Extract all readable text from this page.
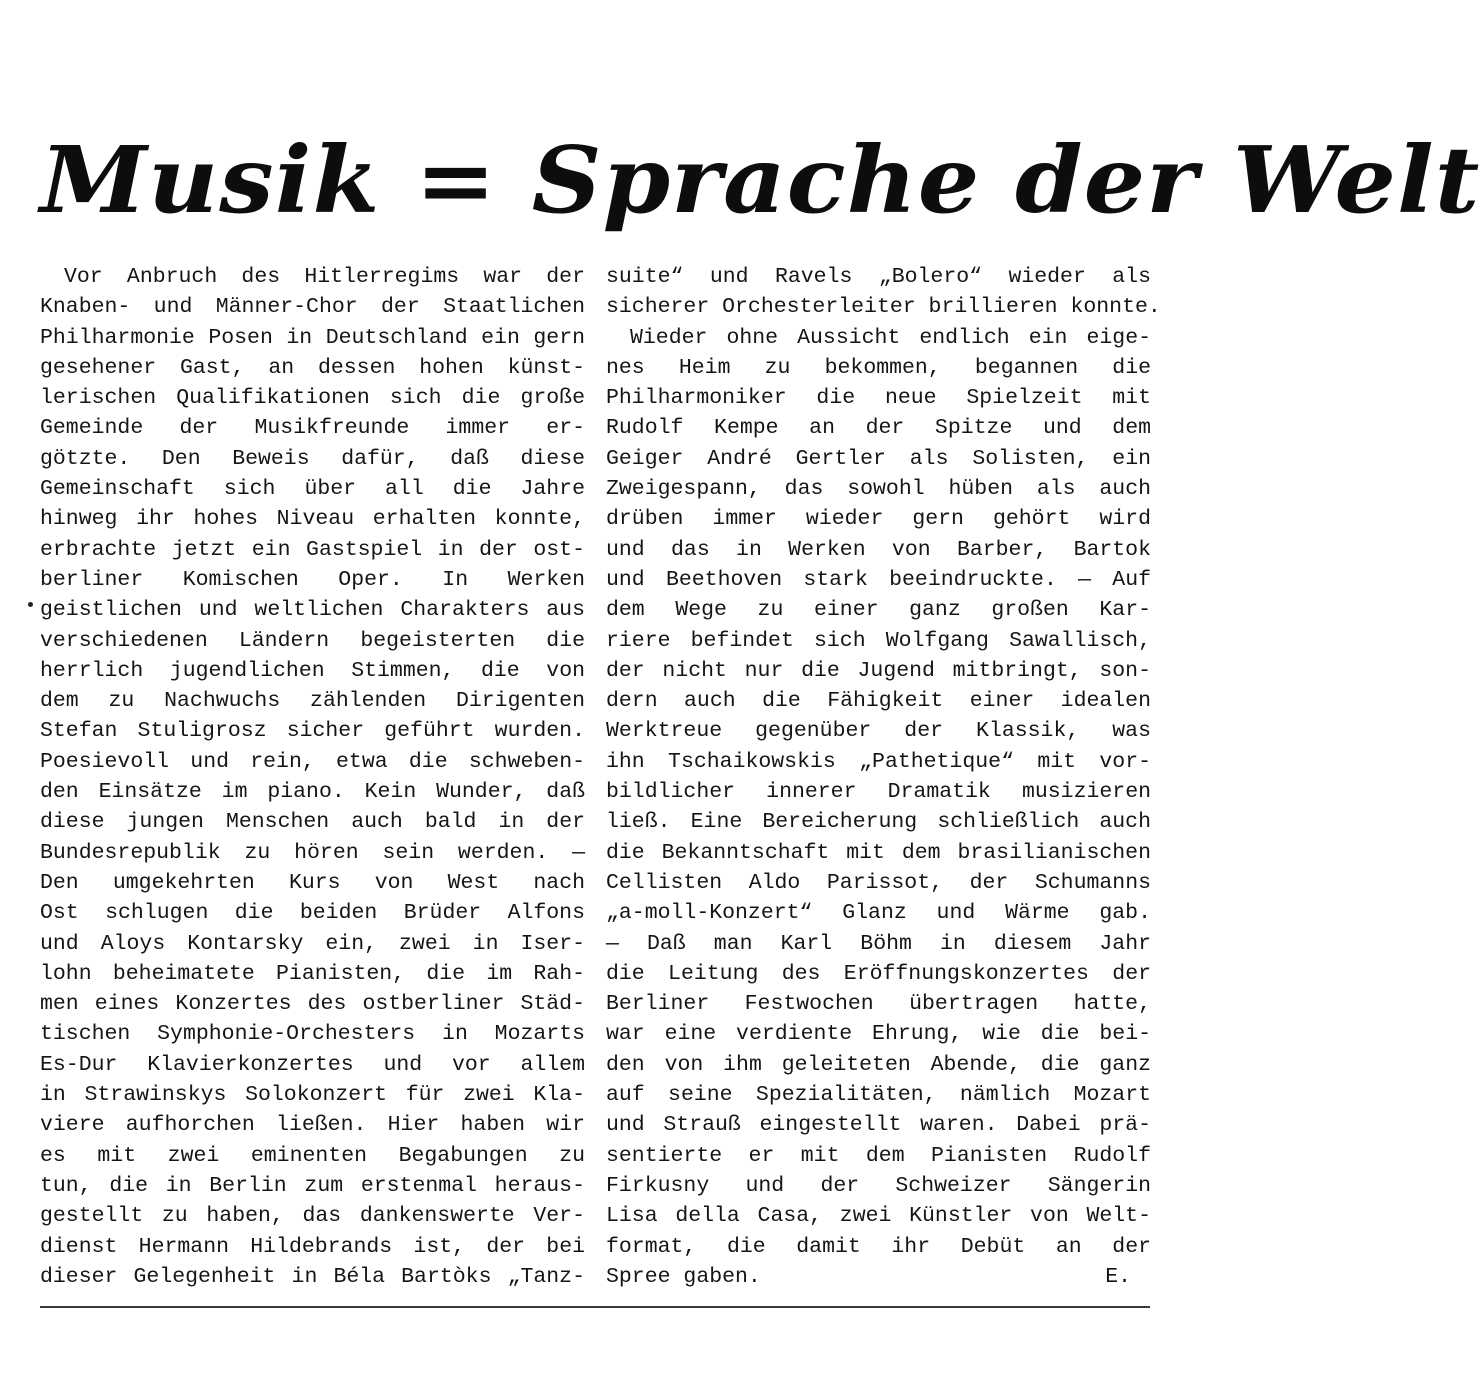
Musik = Sprache der Welt
Vor Anbruch des Hitlerregims war der
Knaben- und Männer-Chor der Staatlichen
Philharmonie Posen in Deutschland ein gern
gesehener Gast, an dessen hohen künst-
lerischen Qualifikationen sich die große
Gemeinde der Musikfreunde immer er-
götzte. Den Beweis dafür, daß diese
Gemeinschaft sich über all die Jahre
hinweg ihr hohes Niveau erhalten konnte,
erbrachte jetzt ein Gastspiel in der ost-
berliner Komischen Oper. In Werken
geistlichen und weltlichen Charakters aus
verschiedenen Ländern begeisterten die
herrlich jugendlichen Stimmen, die von
dem zu Nachwuchs zählenden Dirigenten
Stefan Stuligrosz sicher geführt wurden.
Poesievoll und rein, etwa die schweben-
den Einsätze im piano. Kein Wunder, daß
diese jungen Menschen auch bald in der
Bundesrepublik zu hören sein werden. —
Den umgekehrten Kurs von West nach
Ost schlugen die beiden Brüder Alfons
und Aloys Kontarsky ein, zwei in Iser-
lohn beheimatete Pianisten, die im Rah-
men eines Konzertes des ostberliner Städ-
tischen Symphonie-Orchesters in Mozarts
Es-Dur Klavierkonzertes und vor allem
in Strawinskys Solokonzert für zwei Kla-
viere aufhorchen ließen. Hier haben wir
es mit zwei eminenten Begabungen zu
tun, die in Berlin zum erstenmal heraus-
gestellt zu haben, das dankenswerte Ver-
dienst Hermann Hildebrands ist, der bei
dieser Gelegenheit in Béla Bartòks „Tanz-
suite“ und Ravels „Bolero“ wieder als
sicherer Orchesterleiter brillieren konnte.
Wieder ohne Aussicht endlich ein eige-
nes Heim zu bekommen, begannen die
Philharmoniker die neue Spielzeit mit
Rudolf Kempe an der Spitze und dem
Geiger André Gertler als Solisten, ein
Zweigespann, das sowohl hüben als auch
drüben immer wieder gern gehört wird
und das in Werken von Barber, Bartok
und Beethoven stark beeindruckte. — Auf
dem Wege zu einer ganz großen Kar-
riere befindet sich Wolfgang Sawallisch,
der nicht nur die Jugend mitbringt, son-
dern auch die Fähigkeit einer idealen
Werktreue gegenüber der Klassik, was
ihn Tschaikowskis „Pathetique“ mit vor-
bildlicher innerer Dramatik musizieren
ließ. Eine Bereicherung schließlich auch
die Bekanntschaft mit dem brasilianischen
Cellisten Aldo Parissot, der Schumanns
„a-moll-Konzert“ Glanz und Wärme gab.
— Daß man Karl Böhm in diesem Jahr
die Leitung des Eröffnungskonzertes der
Berliner Festwochen übertragen hatte,
war eine verdiente Ehrung, wie die bei-
den von ihm geleiteten Abende, die ganz
auf seine Spezialitäten, nämlich Mozart
und Strauß eingestellt waren. Dabei prä-
sentierte er mit dem Pianisten Rudolf
Firkusny und der Schweizer Sängerin
Lisa della Casa, zwei Künstler von Welt-
format, die damit ihr Debüt an der
Spree gaben.	E.
